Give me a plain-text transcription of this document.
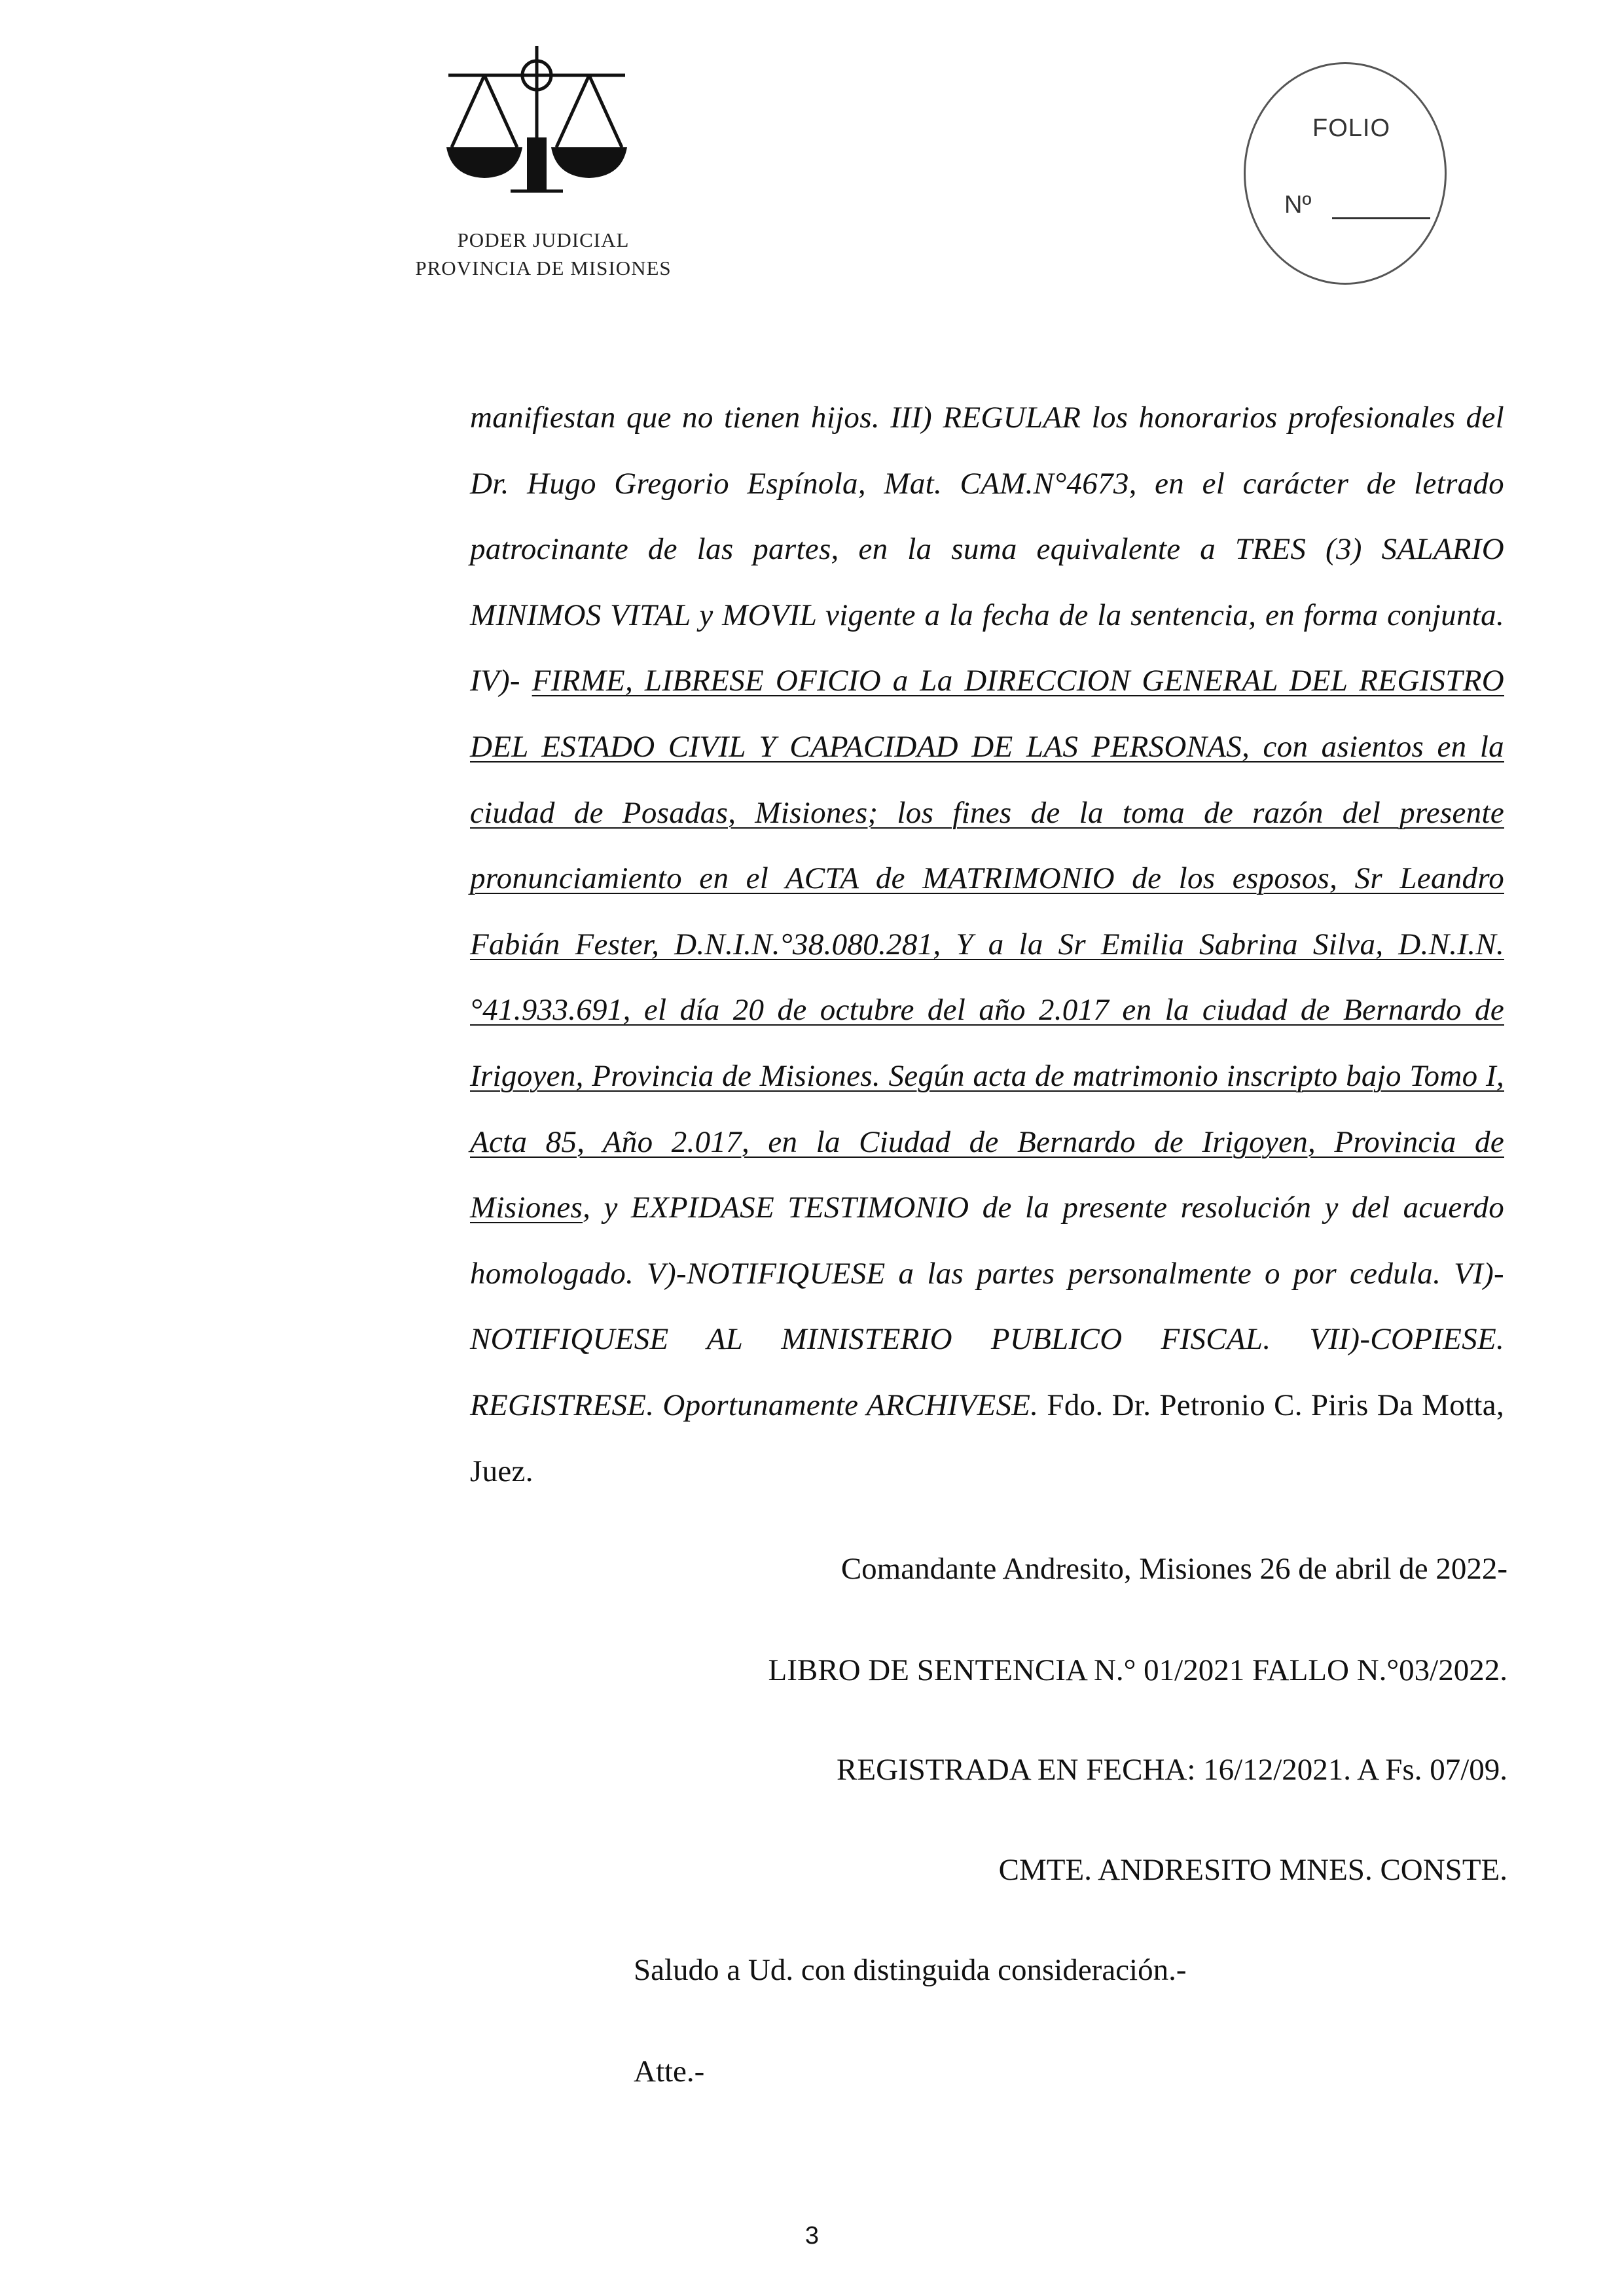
PODER JUDICIAL
PROVINCIA DE MISIONES
FOLIO
Nº
manifiestan que no tienen hijos. III) REGULAR los honorarios profesionales del Dr. Hugo Gregorio Espínola, Mat. CAM.N°4673, en el carácter de letrado patrocinante de las partes, en la suma equivalente a TRES (3) SALARIO MINIMOS VITAL y MOVIL vigente a la fecha de la sentencia, en forma conjunta. IV)- FIRME, LIBRESE OFICIO a La DIRECCION GENERAL DEL REGISTRO DEL ESTADO CIVIL Y CAPACIDAD DE LAS PERSONAS, con asientos en la ciudad de Posadas, Misiones; los fines de la toma de razón del presente pronunciamiento en el ACTA de MATRIMONIO de los esposos, Sr Leandro Fabián Fester, D.N.I.N.°38.080.281, Y a la Sr Emilia Sabrina Silva, D.N.I.N.°41.933.691, el día 20 de octubre del año 2.017 en la ciudad de Bernardo de Irigoyen, Provincia de Misiones. Según acta de matrimonio inscripto bajo Tomo I, Acta 85, Año 2.017, en la Ciudad de Bernardo de Irigoyen, Provincia de Misiones, y EXPIDASE TESTIMONIO de la presente resolución y del acuerdo homologado. V)-NOTIFIQUESE a las partes personalmente o por cedula. VI)-NOTIFIQUESE AL MINISTERIO PUBLICO FISCAL. VII)-COPIESE. REGISTRESE. Oportunamente ARCHIVESE. Fdo. Dr. Petronio C. Piris Da Motta, Juez.
Comandante Andresito, Misiones 26 de abril de 2022-
LIBRO DE SENTENCIA N.° 01/2021 FALLO N.°03/2022.
REGISTRADA EN FECHA: 16/12/2021. A Fs. 07/09.
CMTE. ANDRESITO MNES. CONSTE.
Saludo a Ud. con distinguida consideración.-
Atte.-
3
